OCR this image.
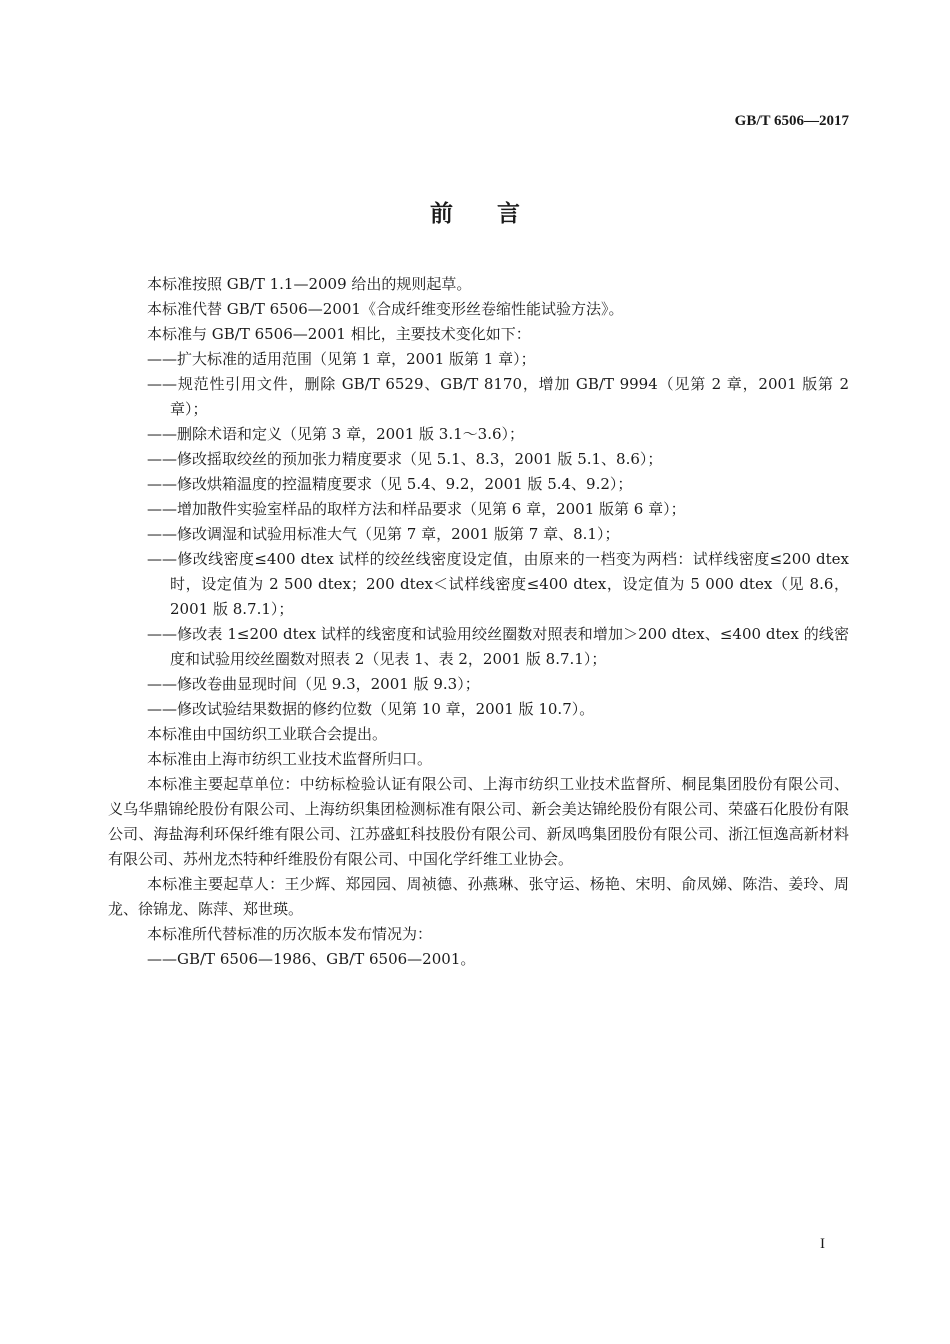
GB/T 6506—2017
前 言

本标准按照 GB/T 1.1—2009 给出的规则起草。

本标准代替 GB/T 6506—2001《合成纤维变形丝卷缩性能试验方法》。

本标准与 GB/T 6506—2001 相比，主要技术变化如下：

——扩大标准的适用范围（见第 1 章，2001 版第 1 章）；

——规范性引用文件，删除 GB/T 6529、GB/T 8170，增加 GB/T 9994（见第 2 章，2001 版第 2 章）；

——删除术语和定义（见第 3 章，2001 版 3.1～3.6）；

——修改摇取绞丝的预加张力精度要求（见 5.1、8.3，2001 版 5.1、8.6）；

——修改烘箱温度的控温精度要求（见 5.4、9.2，2001 版 5.4、9.2）；

——增加散件实验室样品的取样方法和样品要求（见第 6 章，2001 版第 6 章）；

——修改调湿和试验用标准大气（见第 7 章，2001 版第 7 章、8.1）；

——修改线密度≤400 dtex 试样的绞丝线密度设定值，由原来的一档变为两档：试样线密度≤200 dtex时，设定值为 2 500 dtex；200 dtex＜试样线密度≤400 dtex，设定值为 5 000 dtex（见 8.6，2001 版 8.7.1）；

——修改表 1≤200 dtex 试样的线密度和试验用绞丝圈数对照表和增加＞200 dtex、≤400 dtex 的线密度和试验用绞丝圈数对照表 2（见表 1、表 2，2001 版 8.7.1）；

——修改卷曲显现时间（见 9.3，2001 版 9.3）；

——修改试验结果数据的修约位数（见第 10 章，2001 版 10.7）。

本标准由中国纺织工业联合会提出。

本标准由上海市纺织工业技术监督所归口。

本标准主要起草单位：中纺标检验认证有限公司、上海市纺织工业技术监督所、桐昆集团股份有限公司、义乌华鼎锦纶股份有限公司、上海纺织集团检测标准有限公司、新会美达锦纶股份有限公司、荣盛石化股份有限公司、海盐海利环保纤维有限公司、江苏盛虹科技股份有限公司、新凤鸣集团股份有限公司、浙江恒逸高新材料有限公司、苏州龙杰特种纤维股份有限公司、中国化学纤维工业协会。

本标准主要起草人：王少辉、郑园园、周祯德、孙燕琳、张守运、杨艳、宋明、俞凤娣、陈浩、姜玲、周龙、徐锦龙、陈萍、郑世瑛。

本标准所代替标准的历次版本发布情况为：

——GB/T 6506—1986、GB/T 6506—2001。

I
